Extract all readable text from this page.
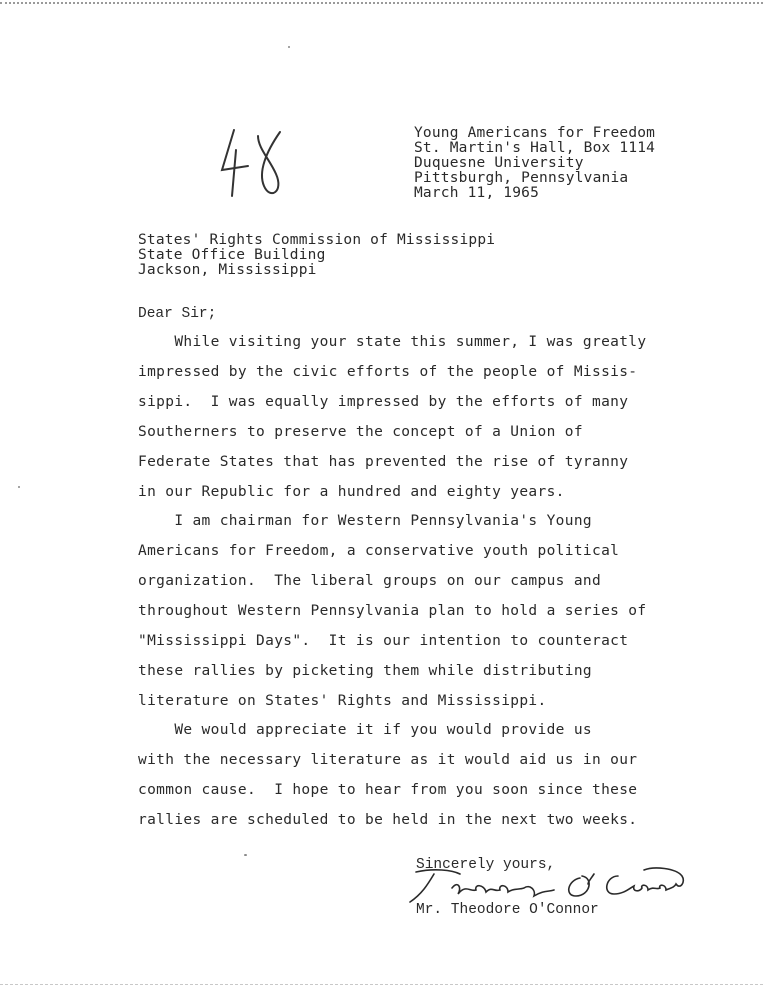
Young Americans for Freedom
St. Martin's Hall, Box 1114
Duquesne University
Pittsburgh, Pennsylvania
March 11, 1965
States' Rights Commission of Mississippi
State Office Building
Jackson, Mississippi
Dear Sir;
While visiting your state this summer, I was greatly
impressed by the civic efforts of the people of Missis-
sippi.  I was equally impressed by the efforts of many
Southerners to preserve the concept of a Union of
Federate States that has prevented the rise of tyranny
in our Republic for a hundred and eighty years.
I am chairman for Western Pennsylvania's Young
Americans for Freedom, a conservative youth political
organization.  The liberal groups on our campus and
throughout Western Pennsylvania plan to hold a series of
"Mississippi Days".  It is our intention to counteract
these rallies by picketing them while distributing
literature on States' Rights and Mississippi.
We would appreciate it if you would provide us
with the necessary literature as it would aid us in our
common cause.  I hope to hear from you soon since these
rallies are scheduled to be held in the next two weeks.
Sincerely yours,
Mr. Theodore O'Connor
